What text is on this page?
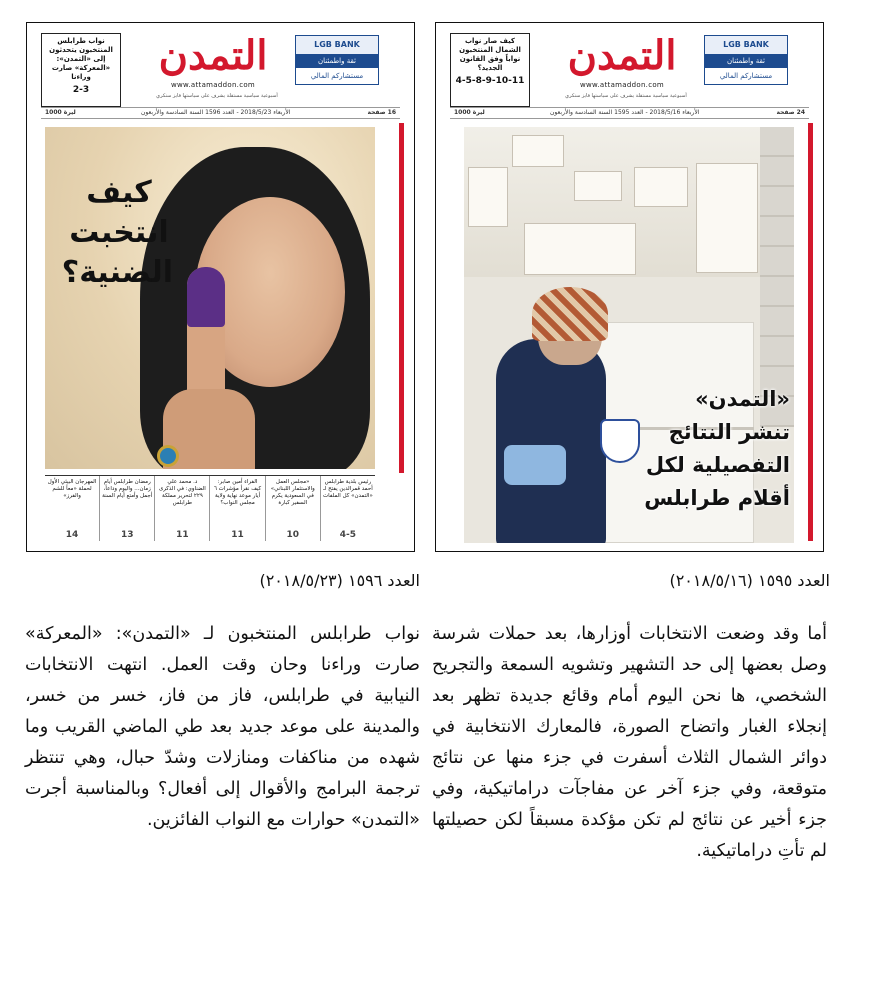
نواب طرابلس المنتخبون يتحدثون إلى «التمدن»: «المعركة» صارت وراءنا
2-3
التمدن
www.attamaddon.com
أسبوعية سياسية مستقلة يشرف على سياستها فايز سنكري
LGB BANK
ثقة واطمئنان
مستشاركم المالي
1000 ليرة	الأربعاء 2018/5/23 - العدد 1596 السنة السادسة والأربعون	16 صفحة
كيف
انتخبت
الضنية؟
رئيس بلدية طرابلس أحمد قمرالدين يفتح لـ «التمدن» كل الملفات
4-5
«مجلس العمل والاستثمار اللبناني» في السعودية يكرم السفير كبارة
10
الفراء أمين صابر: كيف نقرأ مؤشرات ٦ أيار موعد نهاية ولاية مجلس النواب؟
11
د. محمد علي الضناوي: في الذكرى ٢٢٩ لتحرير مملكة طرابلس
11
رمضان طرابلس أيام زمان... واليوم وداعاً، أجمل وأمتع أيام السنة
13
المهرجان البيئي الأول لحملة «معاً للشم والفرز»
14
كيف صار نواب الشمال المنتخبون نواباً وفق القانون الجديد؟
4-5-8-9-10-11
التمدن
www.attamaddon.com
أسبوعية سياسية مستقلة يشرف على سياستها فايز سنكري
LGB BANK
ثقة واطمئنان
مستشاركم المالي
1000 ليرة	الأربعاء 2018/5/16 - العدد 1595 السنة السادسة والأربعون	24 صفحة
«التمدن»
تنشر النتائج
التفصيلية لكل
أقلام طرابلس
العدد ١٥٩٦ (٢٠١٨/٥/٢٣)	العدد ١٥٩٥ (٢٠١٨/٥/١٦)

أما وقد وضعت الانتخابات أوزارها، بعد حملات شرسة وصل بعضها إلى حد التشهير وتشويه السمعة والتجريح الشخصي، ها نحن اليوم أمام وقائع جديدة تظهر بعد إنجلاء الغبار واتضاح الصورة، فالمعارك الانتخابية في دوائر الشمال الثلاث أسفرت في جزء منها عن نتائج متوقعة، وفي جزء آخر عن مفاجآت دراماتيكية، وفي جزء أخير عن نتائج لم تكن مؤكدة مسبقاً لكن حصيلتها لم تأتِ دراماتيكية.

نواب طرابلس المنتخبون لـ «التمدن»: «المعركة» صارت وراءنا وحان وقت العمل. انتهت الانتخابات النيابية في طرابلس، فاز من فاز، خسر من خسر، والمدينة على موعد جديد بعد طي الماضي القريب وما شهده من مناكفات ومنازلات وشدّ حبال، وهي تنتظر ترجمة البرامج والأقوال إلى أفعال؟ وبالمناسبة أجرت «التمدن» حوارات مع النواب الفائزين.
